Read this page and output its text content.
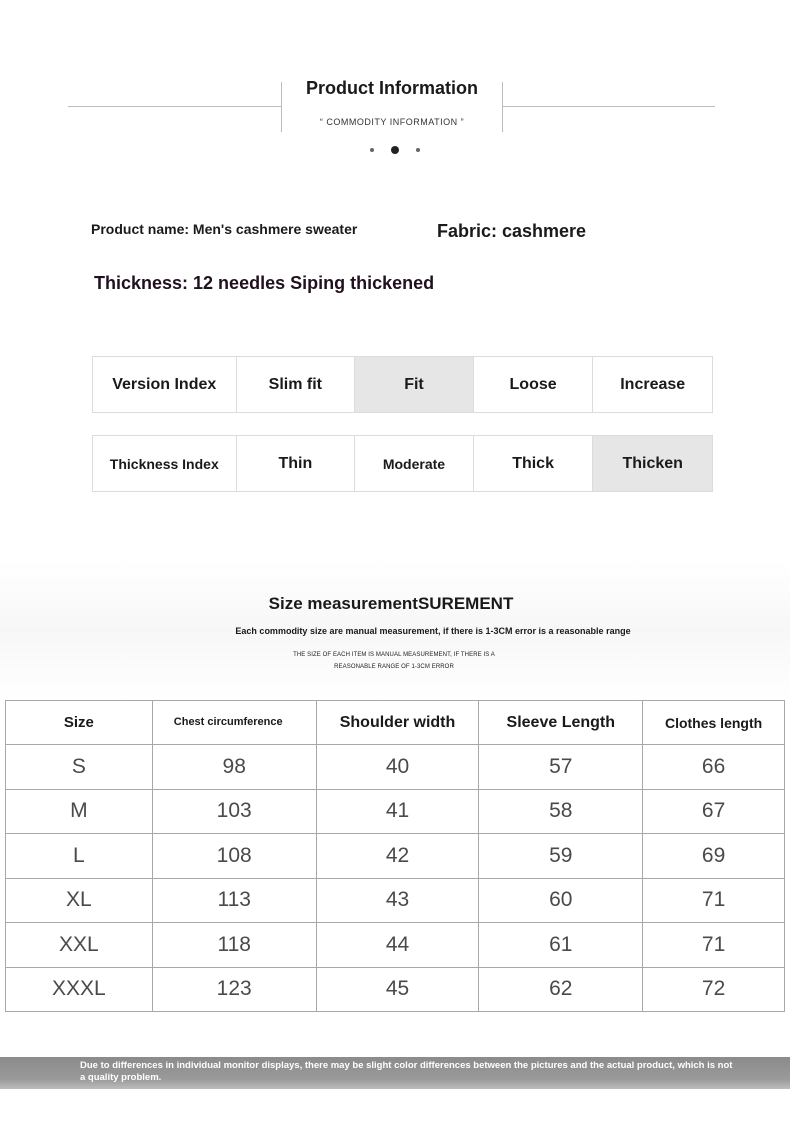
Product Information
“ COMMODITY INFORMATION ”
Product name: Men's cashmere sweater	Fabric: cashmere
Thickness: 12 needles Siping thickened
Version Index	Slim fit	Fit	Loose	Increase
Thickness Index	Thin	Moderate	Thick	Thicken
Size measurementSUREMENT
Each commodity size are manual measurement, if there is 1-3CM error is a reasonable range
THE SIZE OF EACH ITEM IS MANUAL MEASUREMENT, IF THERE IS A
REASONABLE RANGE OF 1-3CM ERROR
Size	Chest circumference	Shoulder width	Sleeve Length	Clothes length
S	98	40	57	66
M	103	41	58	67
L	108	42	59	69
XL	113	43	60	71
XXL	118	44	61	71
XXXL	123	45	62	72
Due to differences in individual monitor displays, there may be slight color differences between the pictures and the actual product, which is not a quality problem.
